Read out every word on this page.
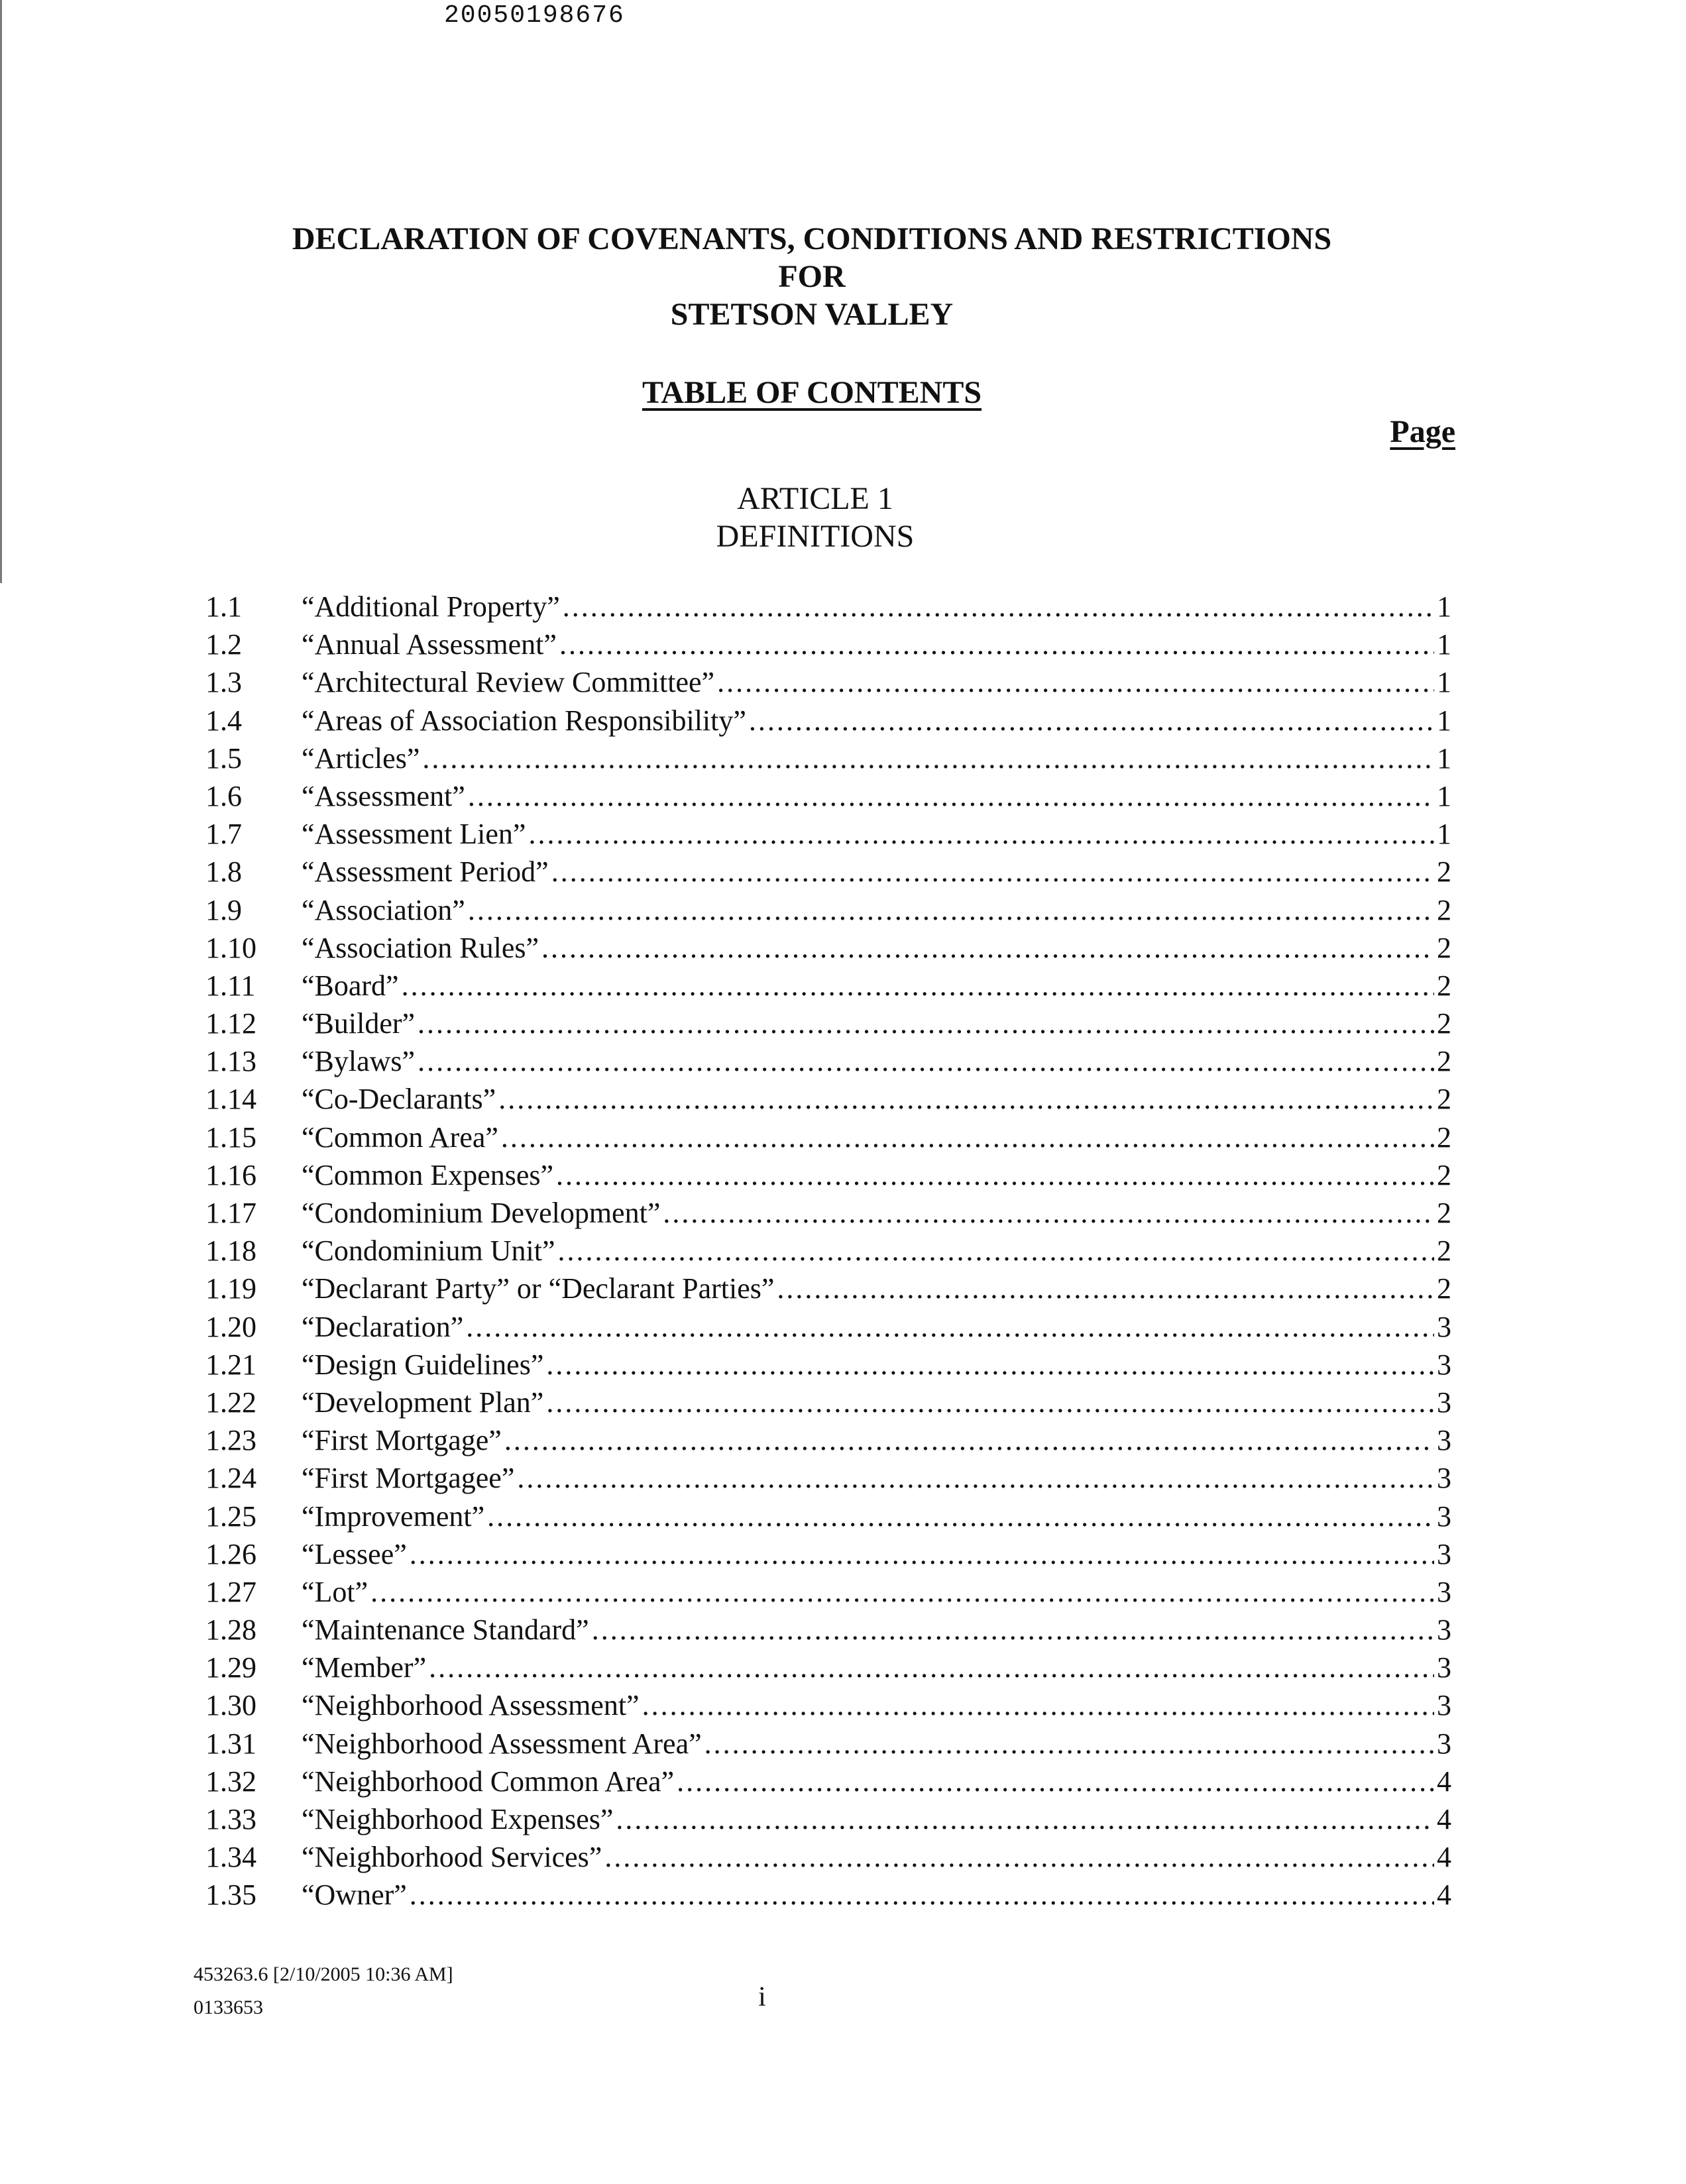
20050198676
DECLARATION OF COVENANTS, CONDITIONS AND RESTRICTIONS
FOR
STETSON VALLEY
TABLE OF CONTENTS
Page
ARTICLE 1
DEFINITIONS
1.1	“Additional Property” .....	1
1.2	“Annual Assessment” .....	1
1.3	“Architectural Review Committee” .....	1
1.4	“Areas of Association Responsibility” .....	1
1.5	“Articles” .....	1
1.6	“Assessment” .....	1
1.7	“Assessment Lien” .....	1
1.8	“Assessment Period” .....	2
1.9	“Association” .....	2
1.10	“Association Rules” .....	2
1.11	“Board” .....	2
1.12	“Builder” .....	2
1.13	“Bylaws” .....	2
1.14	“Co-Declarants” .....	2
1.15	“Common Area” .....	2
1.16	“Common Expenses” .....	2
1.17	“Condominium Development” .....	2
1.18	“Condominium Unit” .....	2
1.19	“Declarant Party” or “Declarant Parties” .....	2
1.20	“Declaration” .....	3
1.21	“Design Guidelines” .....	3
1.22	“Development Plan” .....	3
1.23	“First Mortgage” .....	3
1.24	“First Mortgagee” .....	3
1.25	“Improvement” .....	3
1.26	“Lessee” .....	3
1.27	“Lot” .....	3
1.28	“Maintenance Standard” .....	3
1.29	“Member” .....	3
1.30	“Neighborhood Assessment” .....	3
1.31	“Neighborhood Assessment Area” .....	3
1.32	“Neighborhood Common Area” .....	4
1.33	“Neighborhood Expenses” .....	4
1.34	“Neighborhood Services” .....	4
1.35	“Owner” .....	4
453263.6 [2/10/2005 10:36 AM]
0133653	i
